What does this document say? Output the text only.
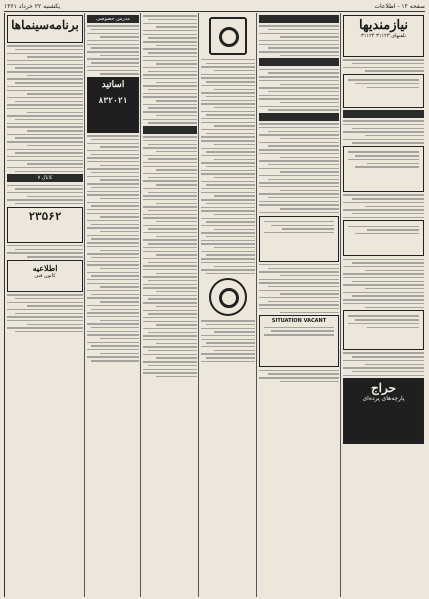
صفحه ۱۲ - اطلاعات
یکشنبه ۲۲ خرداد ۱۳۶۱
نیازمندیها
تلفنهای ۳۱۱۲۳ ۳۱۱۲۴

حراج
پارچه‌های پرده‌ای

SITUATION VACANT

مدرس خصوصی
اساتید
۸۳۲۰۲۱
برنامه‌سینماها
کانال ۷
۲۳۵۶۲
اطلاعیه
کانون‌ فنی
